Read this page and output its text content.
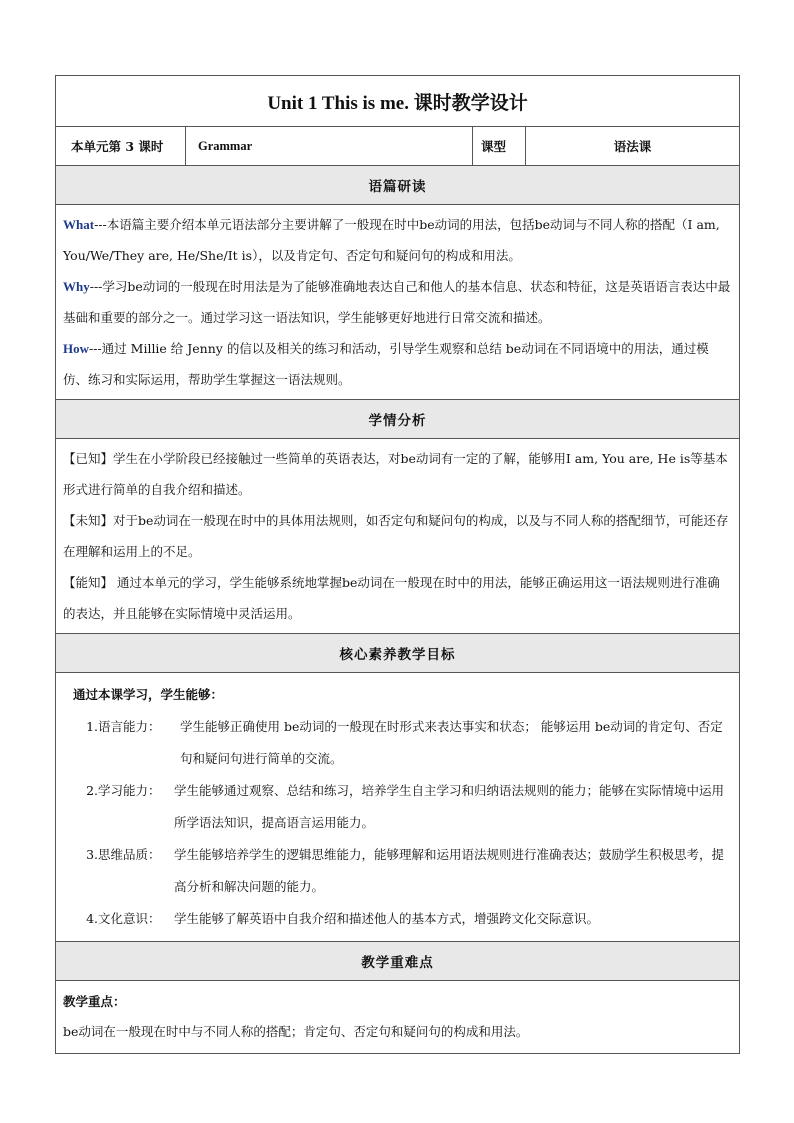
Unit 1 This is me. 课时教学设计
本单元第 3 课时	Grammar	课型	语法课
语篇研读

What---本语篇主要介绍本单元语法部分主要讲解了一般现在时中be动词的用法，包括be动词与不同人称的搭配（I am, You/We/They are, He/She/It is），以及肯定句、否定句和疑问句的构成和用法。

Why---学习be动词的一般现在时用法是为了能够准确地表达自己和他人的基本信息、状态和特征，这是英语语言表达中最基础和重要的部分之一。通过学习这一语法知识，学生能够更好地进行日常交流和描述。

How---通过 Millie 给 Jenny 的信以及相关的练习和活动，引导学生观察和总结 be动词在不同语境中的用法，通过模仿、练习和实际运用，帮助学生掌握这一语法规则。

学情分析

【已知】学生在小学阶段已经接触过一些简单的英语表达，对be动词有一定的了解，能够用I am, You are, He is等基本形式进行简单的自我介绍和描述。

【未知】对于be动词在一般现在时中的具体用法规则，如否定句和疑问句的构成，以及与不同人称的搭配细节，可能还存在理解和运用上的不足。

【能知】 通过本单元的学习，学生能够系统地掌握be动词在一般现在时中的用法，能够正确运用这一语法规则进行准确的表达，并且能够在实际情境中灵活运用。

核心素养教学目标

通过本课学习，学生能够：

1. 语言能力：	学生能够正确使用 be动词的一般现在时形式来表达事实和状态； 能够运用 be动词的肯定句、否定句和疑问句进行简单的交流。
2. 学习能力：	学生能够通过观察、总结和练习，培养学生自主学习和归纳语法规则的能力；能够在实际情境中运用所学语法知识，提高语言运用能力。
3. 思维品质：	学生能够培养学生的逻辑思维能力，能够理解和运用语法规则进行准确表达；鼓励学生积极思考，提高分析和解决问题的能力。
4. 文化意识：	学生能够了解英语中自我介绍和描述他人的基本方式，增强跨文化交际意识。

教学重难点

教学重点：

be动词在一般现在时中与不同人称的搭配；肯定句、否定句和疑问句的构成和用法。
